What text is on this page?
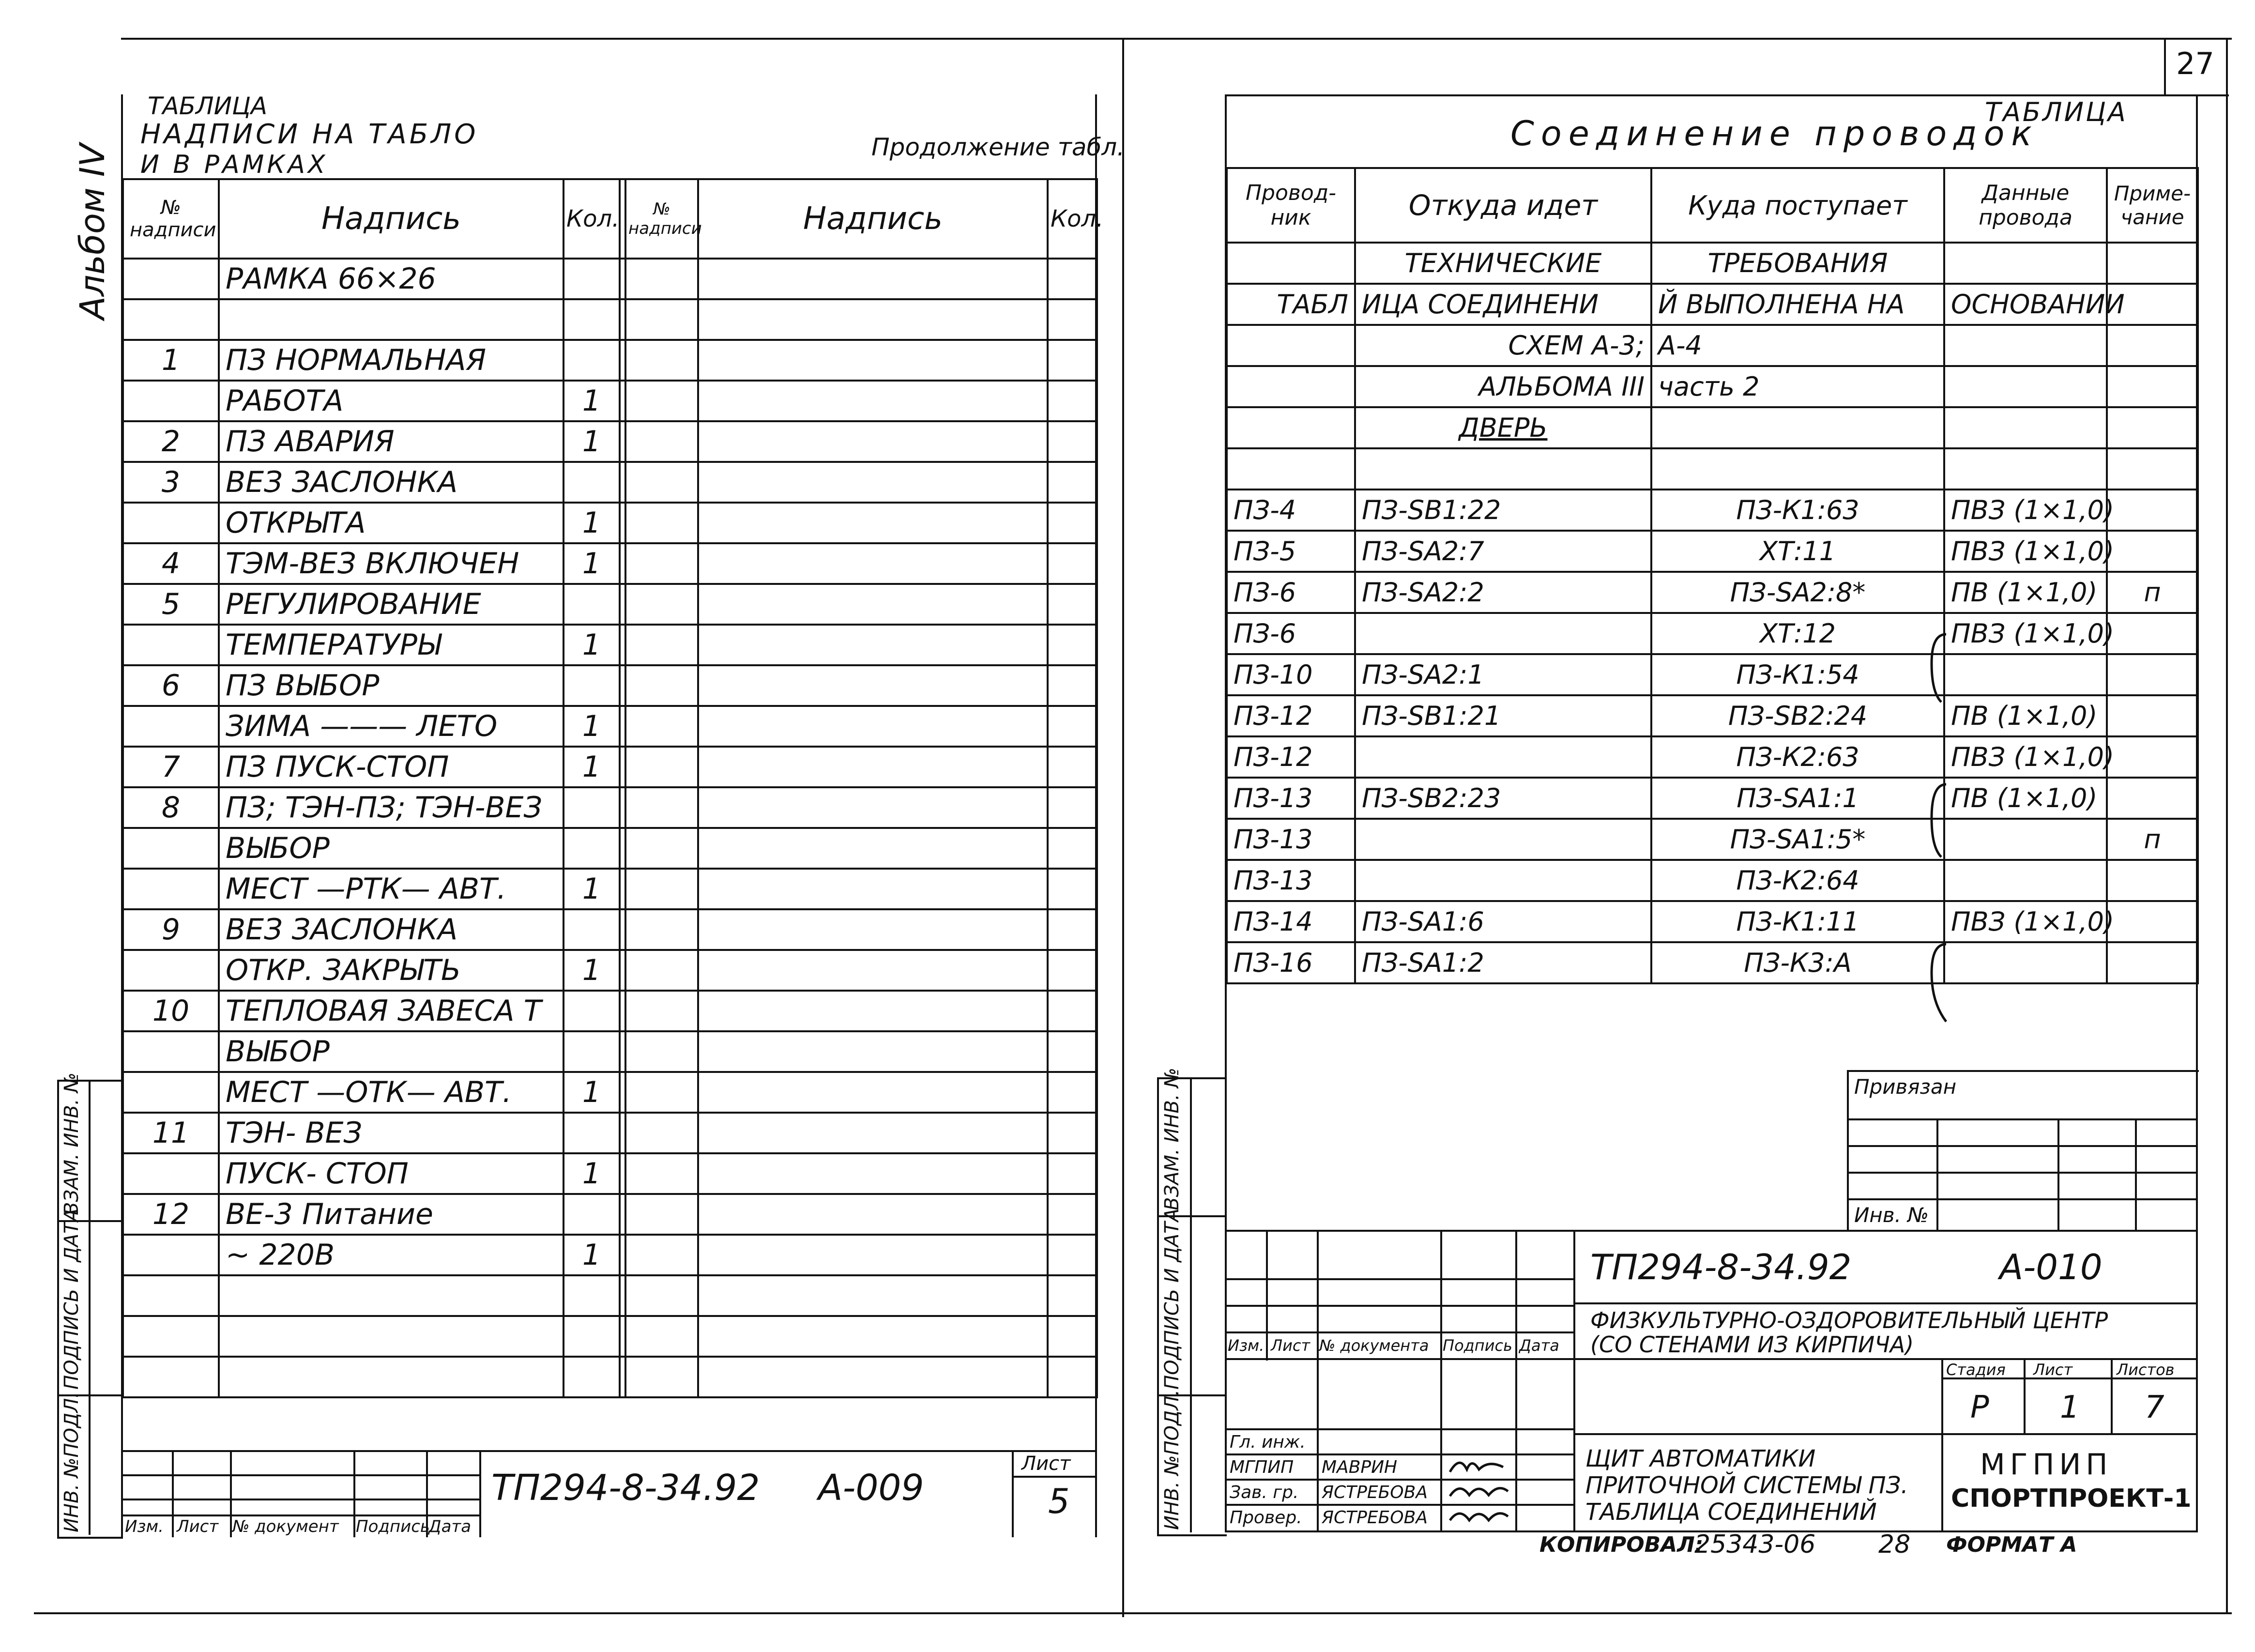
27
Альбом IV
ТАБЛИЦА
НАДПИСИ НА ТАБЛО
И В РАМКАХ
Продолжение табл.
№ надписи	Надпись	Кол.		№ надписи	Надпись	Кол.
	РАМКА 66×26					

1	ПЗ НОРМАЛЬНАЯ					
	РАБОТА	1				
2	ПЗ АВАРИЯ	1				
3	ВЕЗ ЗАСЛОНКА					
	ОТКРЫТА	1				
4	ТЭМ-ВЕЗ ВКЛЮЧЕН	1				
5	РЕГУЛИРОВАНИЕ					
	ТЕМПЕРАТУРЫ	1				
6	ПЗ ВЫБОР					
	ЗИМА ——— ЛЕТО	1				
7	ПЗ ПУСК-СТОП	1				
8	ПЗ; ТЭН-ПЗ; ТЭН-ВЕЗ					
	ВЫБОР					
	МЕСТ —РТК— АВТ.	1				
9	ВЕЗ ЗАСЛОНКА					
	ОТКР. ЗАКРЫТЬ	1				
10	ТЕПЛОВАЯ ЗАВЕСА Т					
	ВЫБОР					
	МЕСТ —ОТК— АВТ.	1				
11	ТЭН- ВЕЗ					
	ПУСК- СТОП	1				
12	BE-3 Питание					
	~ 220В	1				

ИНВ. №ПОДЛ.
ПОДПИСЬ И ДАТА
ВЗАМ. ИНВ. №
Изм. Лист № документ Подпись
Дата
ТП294-8-34.92 А-009
Лист
5
ТАБЛИЦА
Соединение проводок
Провод-ник	Откуда идет	Куда поступает	Данные провода	Приме-чание
	ТЕХНИЧЕСКИЕ	ТРЕБОВАНИЯ		
ТАБЛ	ИЦА СОЕДИНЕНИ	Й ВЫПОЛНЕНА НА	ОСНОВАНИИ	
	СХЕМ А-3;	А-4		
	АЛЬБОМА III	часть 2		
	ДВЕРЬ			

ПЗ-4	ПЗ-SB1:22	ПЗ-К1:63	ПВЗ (1×1,0)	
ПЗ-5	ПЗ-SA2:7	ХТ:11	ПВЗ (1×1,0)	
ПЗ-6	ПЗ-SA2:2	ПЗ-SA2:8*	ПВ (1×1,0)	п
ПЗ-6		ХТ:12	ПВЗ (1×1,0)	
ПЗ-10	ПЗ-SA2:1	ПЗ-К1:54		
ПЗ-12	ПЗ-SB1:21	ПЗ-SB2:24	ПВ (1×1,0)	
ПЗ-12		ПЗ-К2:63	ПВЗ (1×1,0)	
ПЗ-13	ПЗ-SB2:23	ПЗ-SA1:1	ПВ (1×1,0)	
ПЗ-13		ПЗ-SA1:5*		п
ПЗ-13		ПЗ-К2:64		
ПЗ-14	ПЗ-SA1:6	ПЗ-К1:11	ПВЗ (1×1,0)	
ПЗ-16	ПЗ-SA1:2	ПЗ-К3:А		
Привязан
Инв. №
ИНВ. №ПОДЛ.
ПОДПИСЬ И ДАТА
ВЗАМ. ИНВ. №
Изм. Лист № документа Подпись Дата
Гл. инж.
МГПИП МАВРИН
Зав. гр. ЯСТРЕБОВА
Провер. ЯСТРЕБОВА
ТП294-8-34.92	А-010
ФИЗКУЛЬТУРНО-ОЗДОРОВИТЕЛЬНЫЙ ЦЕНТР
(СО СТЕНАМИ ИЗ КИРПИЧА)
Стадия Лист	Листов
Р 1 7
ЩИТ АВТОМАТИКИ
ПРИТОЧНОЙ СИСТЕМЫ ПЗ.
ТАБЛИЦА СОЕДИНЕНИЙ
МГПИП
СПОРТПРОЕКТ-1
КОПИРОВАЛ:
25343-06 28 ФОРМАТ А
